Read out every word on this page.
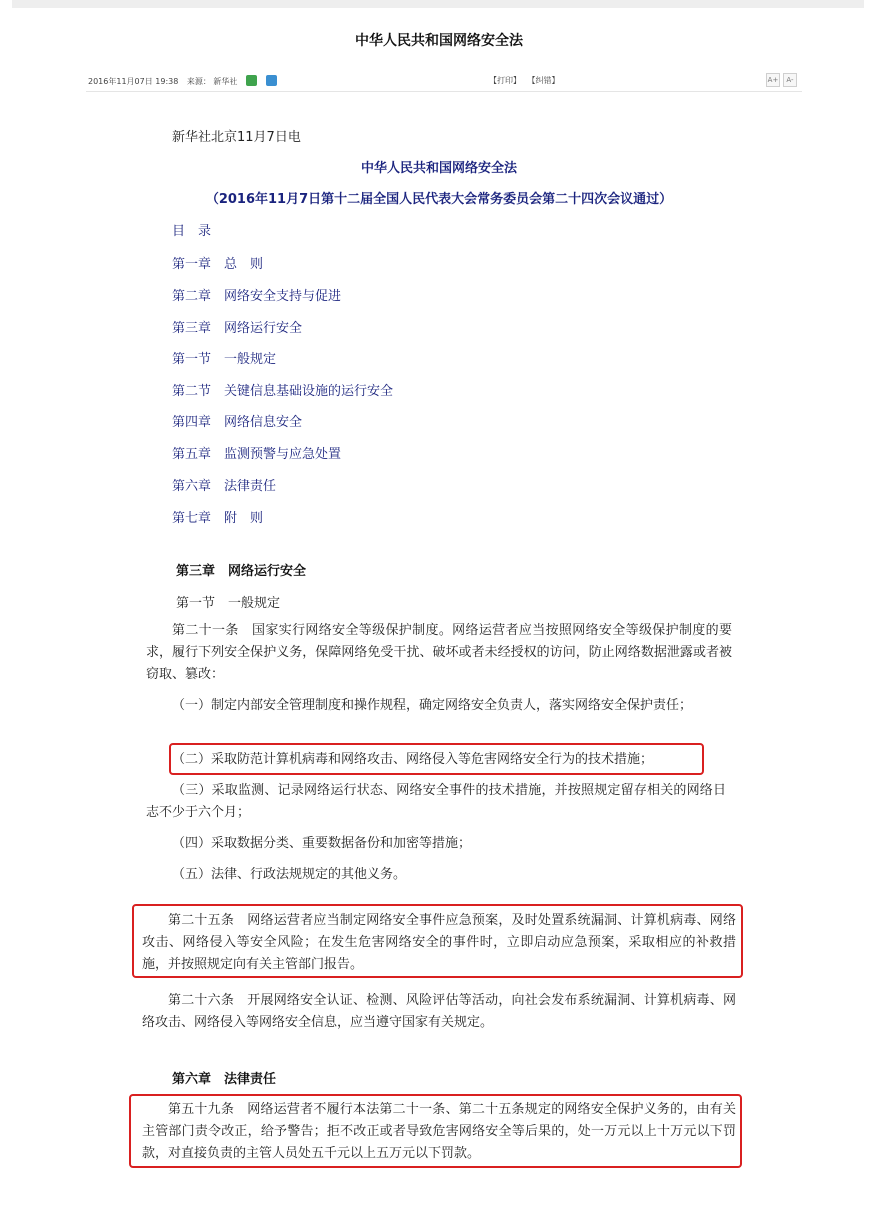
中华人民共和国网络安全法
2016年11月07日 19:38 来源： 新华社	【打印】 【纠错】	A+	A-
新华社北京11月7日电
中华人民共和国网络安全法
（2016年11月7日第十二届全国人民代表大会常务委员会第二十四次会议通过）
目　录
第一章　总　则
第二章　网络安全支持与促进
第三章　网络运行安全
第一节　一般规定
第二节　关键信息基础设施的运行安全
第四章　网络信息安全
第五章　监测预警与应急处置
第六章　法律责任
第七章　附　则
第三章　网络运行安全
第一节　一般规定
第二十一条　国家实行网络安全等级保护制度。网络运营者应当按照网络安全等级保护制度的要求，履行下列安全保护义务，保障网络免受干扰、破坏或者未经授权的访问，防止网络数据泄露或者被窃取、篡改：
（一）制定内部安全管理制度和操作规程，确定网络安全负责人，落实网络安全保护责任；
（二）采取防范计算机病毒和网络攻击、网络侵入等危害网络安全行为的技术措施；
（三）采取监测、记录网络运行状态、网络安全事件的技术措施，并按照规定留存相关的网络日志不少于六个月；
（四）采取数据分类、重要数据备份和加密等措施；
（五）法律、行政法规规定的其他义务。
第二十五条　网络运营者应当制定网络安全事件应急预案，及时处置系统漏洞、计算机病毒、网络攻击、网络侵入等安全风险；在发生危害网络安全的事件时，立即启动应急预案，采取相应的补救措施，并按照规定向有关主管部门报告。
第二十六条　开展网络安全认证、检测、风险评估等活动，向社会发布系统漏洞、计算机病毒、网络攻击、网络侵入等网络安全信息，应当遵守国家有关规定。
第六章　法律责任
第五十九条　网络运营者不履行本法第二十一条、第二十五条规定的网络安全保护义务的，由有关主管部门责令改正，给予警告；拒不改正或者导致危害网络安全等后果的，处一万元以上十万元以下罚款，对直接负责的主管人员处五千元以上五万元以下罚款。
